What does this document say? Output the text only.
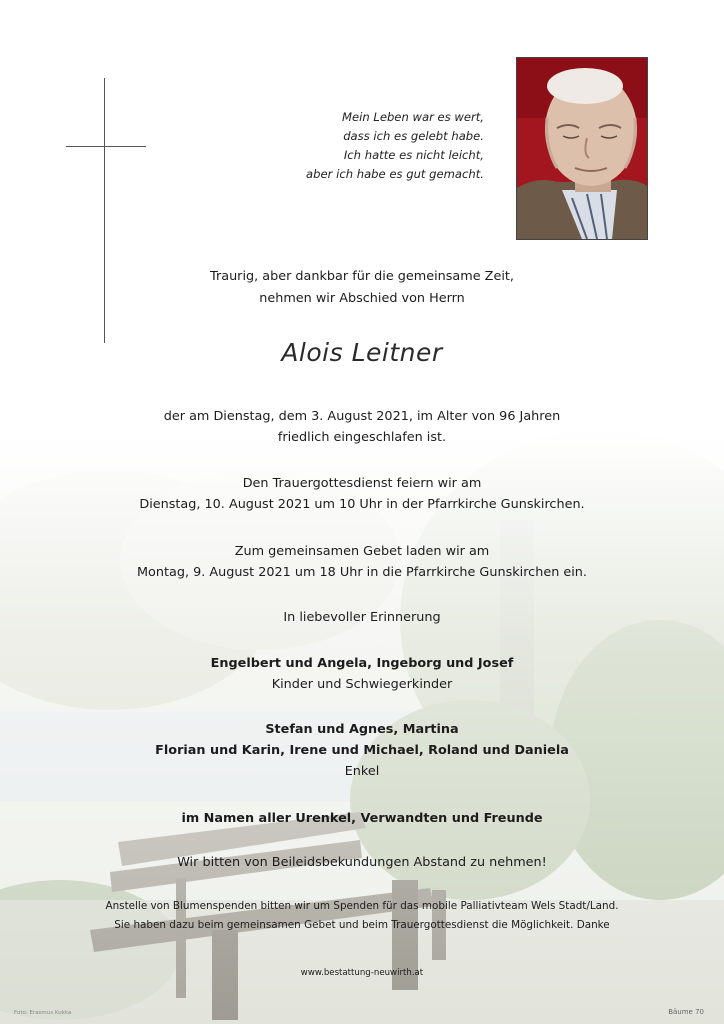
Mein Leben war es wert,

dass ich es gelebt habe.

Ich hatte es nicht leicht,

aber ich habe es gut gemacht.

Traurig, aber dankbar für die gemeinsame Zeit,
nehmen wir Abschied von Herrn
Alois Leitner
der am Dienstag, dem 3. August 2021, im Alter von 96 Jahren
friedlich eingeschlafen ist.
Den Trauergottesdienst feiern wir am
Dienstag, 10. August 2021 um 10 Uhr in der Pfarrkirche Gunskirchen.
Zum gemeinsamen Gebet laden wir am
Montag, 9. August 2021 um 18 Uhr in die Pfarrkirche Gunskirchen ein.
In liebevoller Erinnerung
Engelbert und Angela, Ingeborg und Josef
Kinder und Schwiegerkinder
Stefan und Agnes, Martina
Florian und Karin, Irene und Michael, Roland und Daniela
Enkel
im Namen aller Urenkel, Verwandten und Freunde
Wir bitten von Beileidsbekundungen Abstand zu nehmen!
Anstelle von Blumenspenden bitten wir um Spenden für das mobile Palliativteam Wels Stadt/Land.
Sie haben dazu beim gemeinsamen Gebet und beim Trauergottesdienst die Möglichkeit. Danke
www.bestattung-neuwirth.at
Foto: Erasmus Kukka	Bäume 70
